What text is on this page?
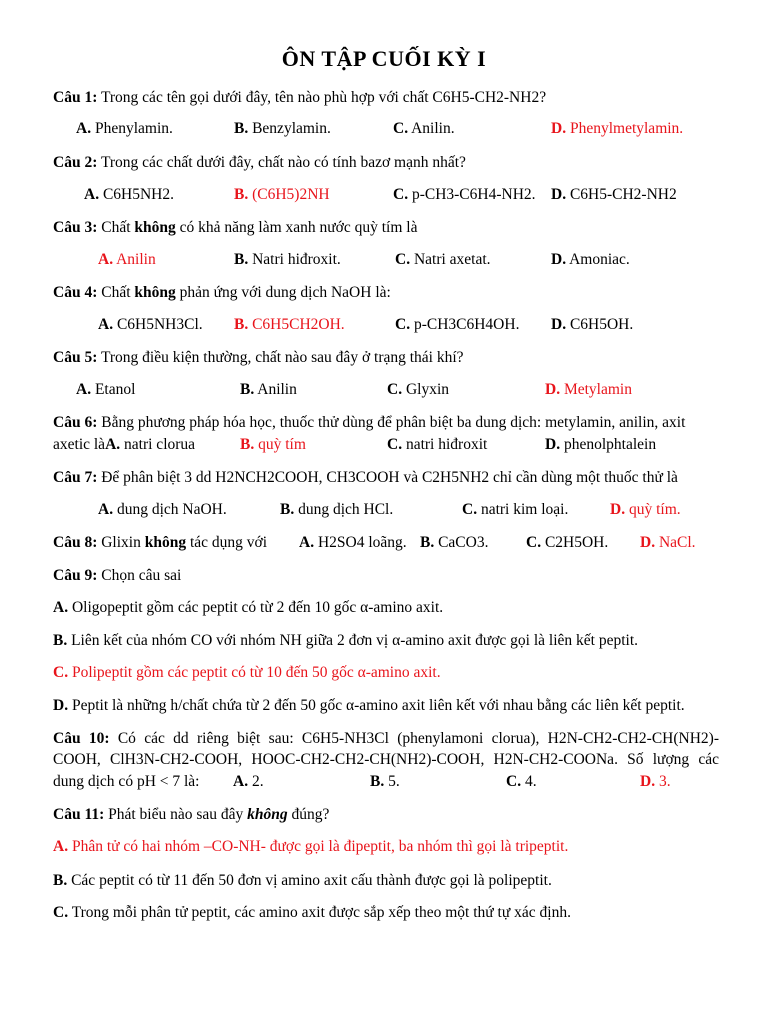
ÔN TẬP CUỐI KỲ I
Câu 1: Trong các tên gọi dưới đây, tên nào phù hợp với chất C6H5-CH2-NH2?
A. Phenylamin.	B. Benzylamin.	C. Anilin.	D. Phenylmetylamin.
Câu 2: Trong các chất dưới đây, chất nào có tính bazơ mạnh nhất?
A. C6H5NH2.	B. (C6H5)2NH	C. p-CH3-C6H4-NH2. D. C6H5-CH2-NH2
Câu 3: Chất không có khả năng làm xanh nước quỳ tím là
A. Anilin	B. Natri hiđroxit.	C. Natri axetat.	D. Amoniac.
Câu 4: Chất không phản ứng với dung dịch NaOH là:
A. C6H5NH3Cl. B. C6H5CH2OH.	C. p-CH3C6H4OH. D. C6H5OH.
Câu 5: Trong điều kiện thường, chất nào sau đây ở trạng thái khí?
A. Etanol	B. Anilin	C. Glyxin	D. Metylamin
Câu 6: Bằng phương pháp hóa học, thuốc thử dùng để phân biệt ba dung dịch: metylamin, anilin, axit
axetic làA. natri clorua	B. quỳ tím	C. natri hiđroxit	D. phenolphtalein
Câu 7: Để phân biệt 3 dd H2NCH2COOH, CH3COOH và C2H5NH2 chỉ cần dùng một thuốc thử là
A. dung dịch NaOH.	B. dung dịch HCl.	C. natri kim loại.	D. quỳ tím.
Câu 8: Glixin không tác dụng với A. H2SO4 loãng. B. CaCO3. C. C2H5OH. D. NaCl.
Câu 9: Chọn câu sai
A. Oligopeptit gồm các peptit có từ 2 đến 10 gốc α-amino axit.
B. Liên kết của nhóm CO với nhóm NH giữa 2 đơn vị α-amino axit được gọi là liên kết peptit.
C. Polipeptit gồm các peptit có từ 10 đến 50 gốc α-amino axit.
D. Peptit là những h/chất chứa từ 2 đến 50 gốc α-amino axit liên kết với nhau bằng các liên kết peptit.
Câu 10: Có các dd riêng biệt sau: C6H5-NH3Cl (phenylamoni clorua), H2N-CH2-CH2-CH(NH2)-
COOH, ClH3N-CH2-COOH, HOOC-CH2-CH2-CH(NH2)-COOH, H2N-CH2-COONa. Số lượng các
dung dịch có pH < 7 là: A. 2.	B. 5.	C. 4.	D. 3.
Câu 11: Phát biểu nào sau đây không đúng?
A. Phân tử có hai nhóm –CO-NH- được gọi là đipeptit, ba nhóm thì gọi là tripeptit.
B. Các peptit có từ 11 đến 50 đơn vị amino axit cấu thành được gọi là polipeptit.
C. Trong mỗi phân tử peptit, các amino axit được sắp xếp theo một thứ tự xác định.
